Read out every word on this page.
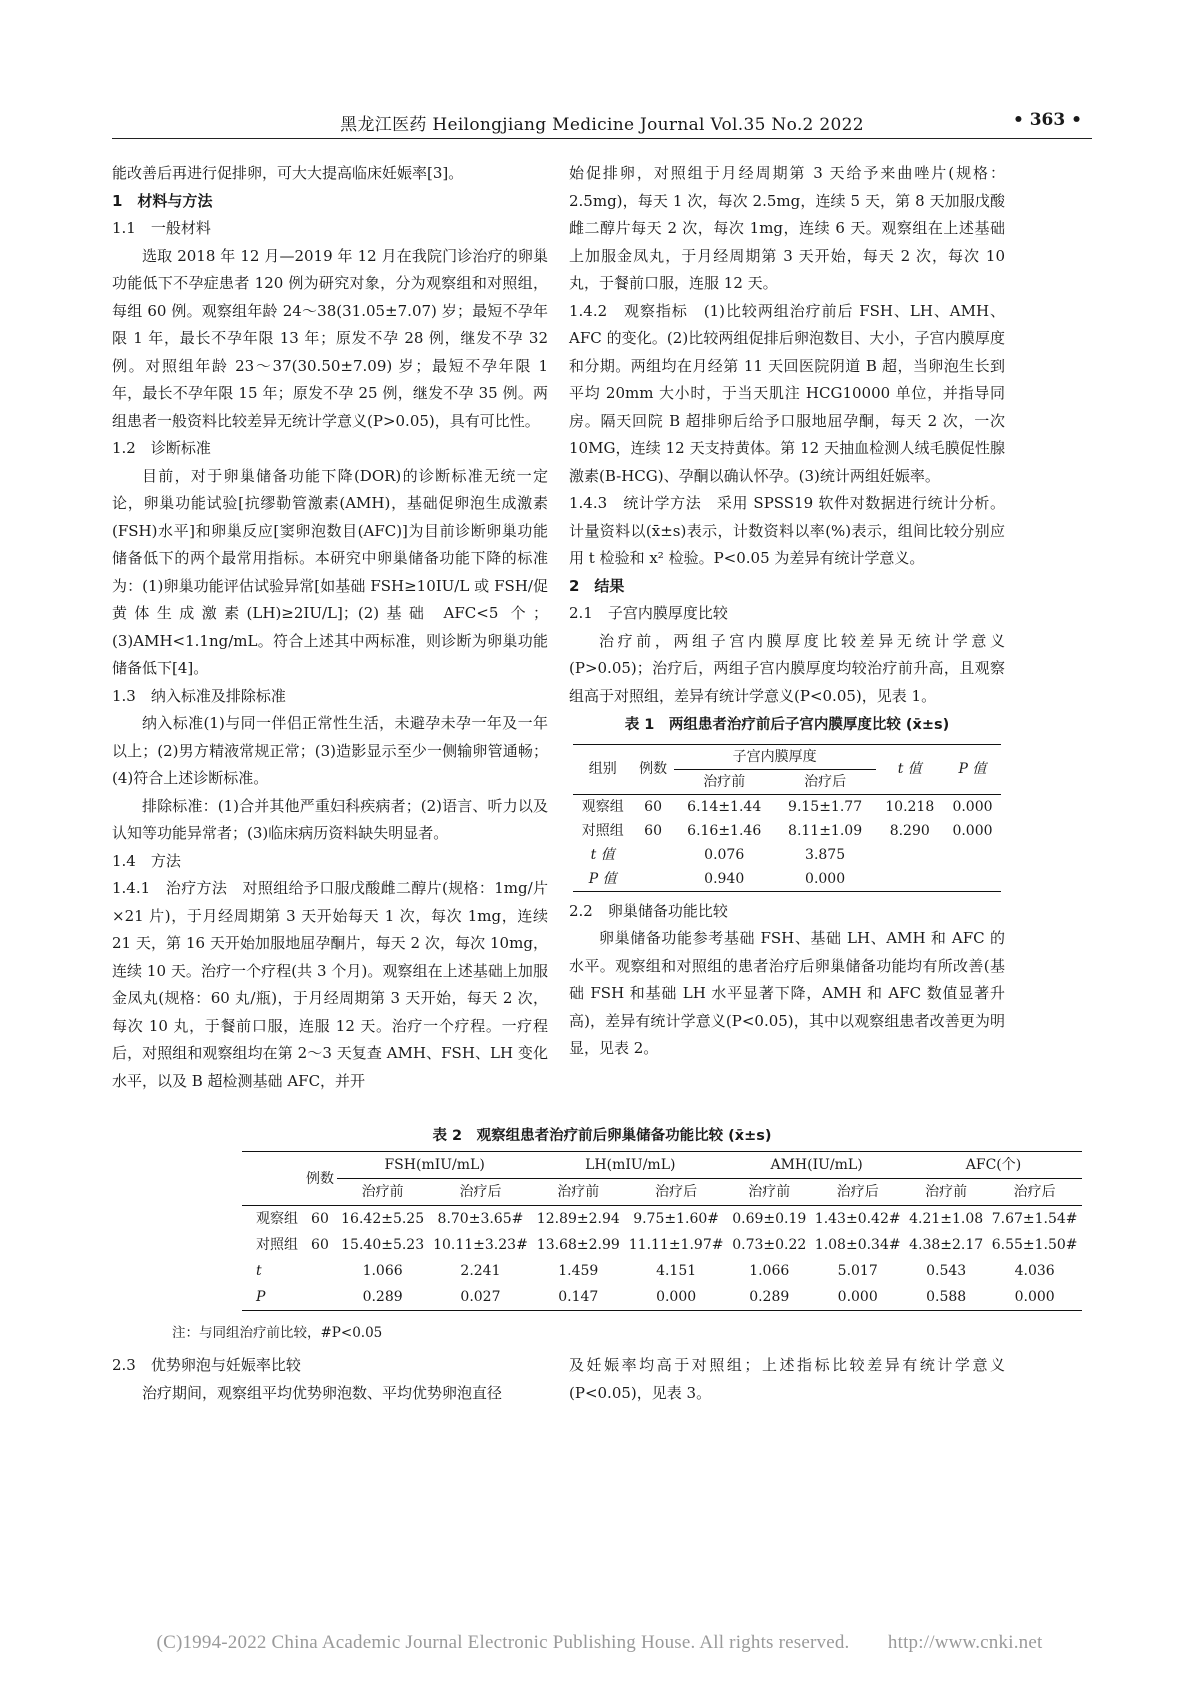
黑龙江医药 Heilongjiang Medicine Journal Vol.35 No.2 2022	• 363 •

能改善后再进行促排卵，可大大提高临床妊娠率[3]。

1　材料与方法

1.1　一般材料

选取 2018 年 12 月—2019 年 12 月在我院门诊治疗的卵巢功能低下不孕症患者 120 例为研究对象，分为观察组和对照组，每组 60 例。观察组年龄 24～38(31.05±7.07) 岁；最短不孕年限 1 年，最长不孕年限 13 年；原发不孕 28 例，继发不孕 32 例。对照组年龄 23～37(30.50±7.09) 岁；最短不孕年限 1 年，最长不孕年限 15 年；原发不孕 25 例，继发不孕 35 例。两组患者一般资料比较差异无统计学意义(P>0.05)，具有可比性。

1.2　诊断标准

目前，对于卵巢储备功能下降(DOR)的诊断标准无统一定论，卵巢功能试验[抗缪勒管激素(AMH)，基础促卵泡生成激素(FSH)水平]和卵巢反应[窦卵泡数目(AFC)]为目前诊断卵巢功能储备低下的两个最常用指标。本研究中卵巢储备功能下降的标准为：(1)卵巢功能评估试验异常[如基础 FSH≥10IU/L 或 FSH/促黄体生成激素(LH)≥2IU/L]；(2)基础 AFC<5 个；(3)AMH<1.1ng/mL。符合上述其中两标准，则诊断为卵巢功能储备低下[4]。

1.3　纳入标准及排除标准

纳入标准(1)与同一伴侣正常性生活，未避孕未孕一年及一年以上；(2)男方精液常规正常；(3)造影显示至少一侧输卵管通畅；(4)符合上述诊断标准。

排除标准：(1)合并其他严重妇科疾病者；(2)语言、听力以及认知等功能异常者；(3)临床病历资料缺失明显者。

1.4　方法

1.4.1　治疗方法　对照组给予口服戊酸雌二醇片(规格：1mg/片×21 片)，于月经周期第 3 天开始每天 1 次，每次 1mg，连续 21 天，第 16 天开始加服地屈孕酮片，每天 2 次，每次 10mg，连续 10 天。治疗一个疗程(共 3 个月)。观察组在上述基础上加服金凤丸(规格：60 丸/瓶)，于月经周期第 3 天开始，每天 2 次，每次 10 丸，于餐前口服，连服 12 天。治疗一个疗程。一疗程后，对照组和观察组均在第 2～3 天复查 AMH、FSH、LH 变化水平，以及 B 超检测基础 AFC，并开

始促排卵，对照组于月经周期第 3 天给予来曲唑片(规格：2.5mg)，每天 1 次，每次 2.5mg，连续 5 天，第 8 天加服戊酸雌二醇片每天 2 次，每次 1mg，连续 6 天。观察组在上述基础上加服金凤丸，于月经周期第 3 天开始，每天 2 次，每次 10 丸，于餐前口服，连服 12 天。

1.4.2　观察指标　(1)比较两组治疗前后 FSH、LH、AMH、AFC 的变化。(2)比较两组促排后卵泡数目、大小，子宫内膜厚度和分期。两组均在月经第 11 天回医院阴道 B 超，当卵泡生长到平均 20mm 大小时，于当天肌注 HCG10000 单位，并指导同房。隔天回院 B 超排卵后给予口服地屈孕酮，每天 2 次，一次 10MG，连续 12 天支持黄体。第 12 天抽血检测人绒毛膜促性腺激素(B-HCG)、孕酮以确认怀孕。(3)统计两组妊娠率。

1.4.3　统计学方法　采用 SPSS19 软件对数据进行统计分析。计量资料以(x̄±s)表示，计数资料以率(%)表示，组间比较分别应用 t 检验和 x² 检验。P<0.05 为差异有统计学意义。

2　结果

2.1　子宫内膜厚度比较

治疗前，两组子宫内膜厚度比较差异无统计学意义(P>0.05)；治疗后，两组子宫内膜厚度均较治疗前升高，且观察组高于对照组，差异有统计学意义(P<0.05)，见表 1。

表 1　两组患者治疗前后子宫内膜厚度比较 (x̄±s)

组别	例数	子宫内膜厚度		t 值	P 值
		治疗前	治疗后		
观察组	60	6.14±1.44	9.15±1.77	10.218	0.000
对照组	60	6.16±1.46	8.11±1.09	8.290	0.000
t 值		0.076	3.875		
P 值		0.940	0.000		

2.2　卵巢储备功能比较

卵巢储备功能参考基础 FSH、基础 LH、AMH 和 AFC 的水平。观察组和对照组的患者治疗后卵巢储备功能均有所改善(基础 FSH 和基础 LH 水平显著下降，AMH 和 AFC 数值显著升高)，差异有统计学意义(P<0.05)，其中以观察组患者改善更为明显，见表 2。

表 2　观察组患者治疗前后卵巢储备功能比较 (x̄±s)

	例数	FSH(mIU/mL)		LH(mIU/mL)		AMH(IU/mL)		AFC(个)	
		治疗前	治疗后	治疗前	治疗后	治疗前	治疗后	治疗前	治疗后
观察组	60	16.42±5.25	8.70±3.65#	12.89±2.94	9.75±1.60#	0.69±0.19	1.43±0.42#	4.21±1.08	7.67±1.54#
对照组	60	15.40±5.23	10.11±3.23#	13.68±2.99	11.11±1.97#	0.73±0.22	1.08±0.34#	4.38±2.17	6.55±1.50#
t		1.066	2.241	1.459	4.151	1.066	5.017	0.543	4.036
P		0.289	0.027	0.147	0.000	0.289	0.000	0.588	0.000

注：与同组治疗前比较，#P<0.05

2.3　优势卵泡与妊娠率比较

治疗期间，观察组平均优势卵泡数、平均优势卵泡直径

及妊娠率均高于对照组；上述指标比较差异有统计学意义(P<0.05)，见表 3。

(C)1994-2022 China Academic Journal Electronic Publishing House. All rights reserved.　　http://www.cnki.net
